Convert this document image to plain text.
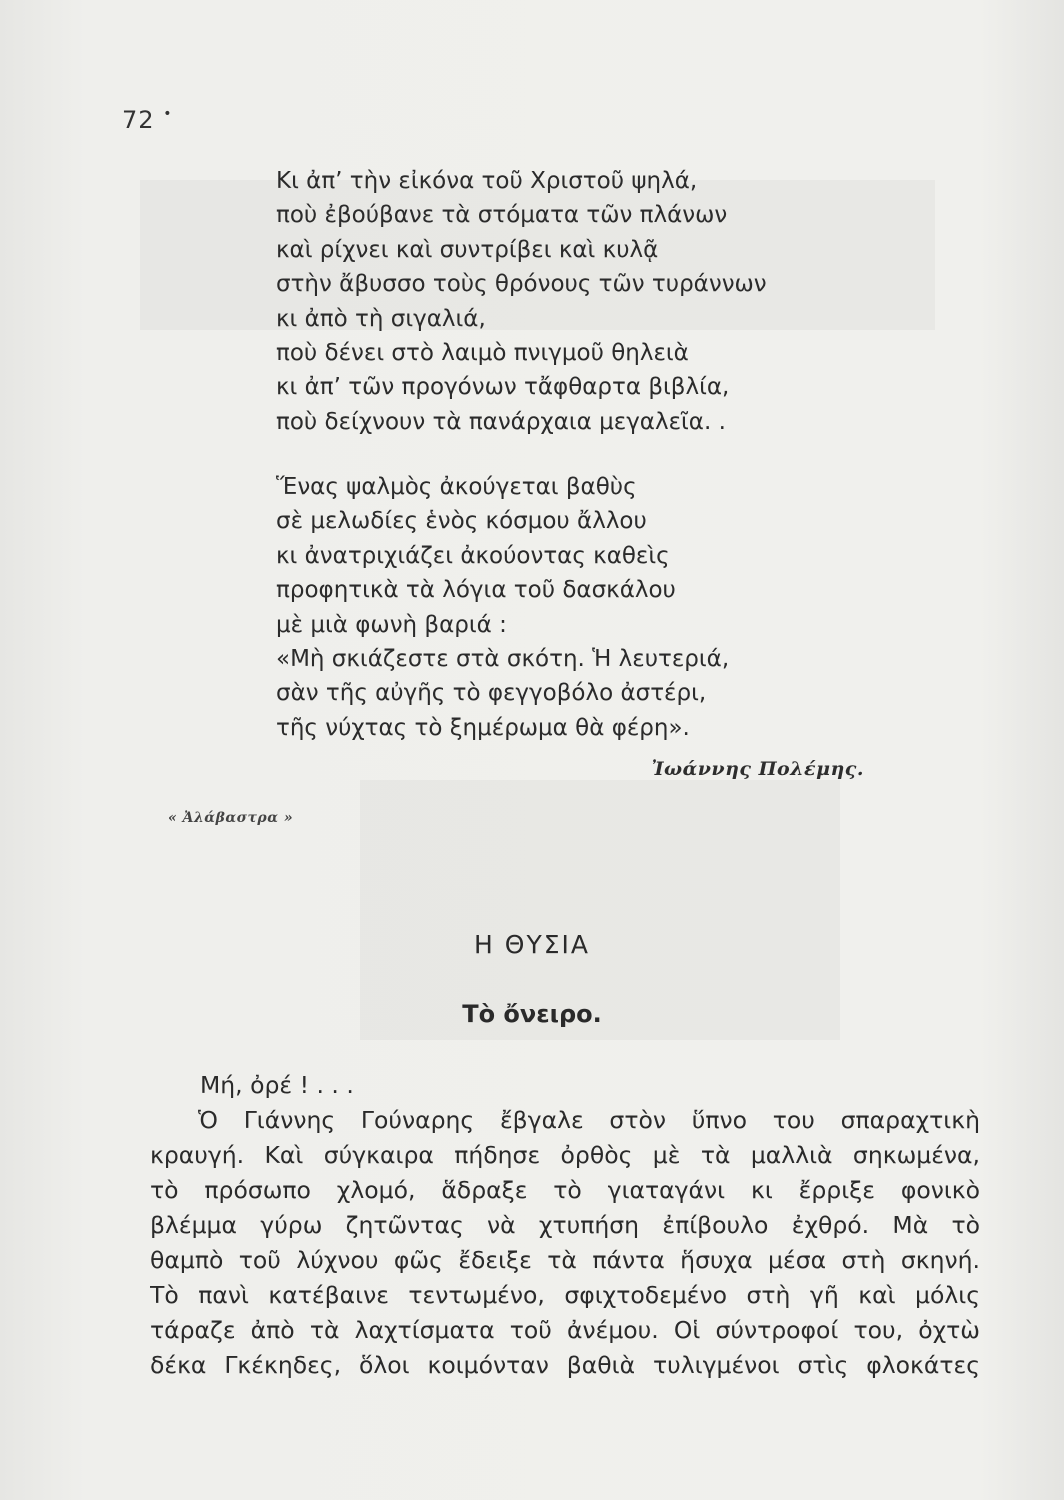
72 •
Κι ἀπ’ τὴν εἰκόνα τοῦ Χριστοῦ ψηλά,
ποὺ ἐβούβανε τὰ στόματα τῶν πλάνων
καὶ ρίχνει καὶ συντρίβει καὶ κυλᾷ
στὴν ἄβυσσο τοὺς θρόνους τῶν τυράννων
κι ἀπὸ τὴ σιγαλιά,
ποὺ δένει στὸ λαιμὸ πνιγμοῦ θηλειὰ
κι ἀπ’ τῶν προγόνων τἄφθαρτα βιβλία,
ποὺ δείχνουν τὰ πανάρχαια μεγαλεῖα. .
Ἕνας ψαλμὸς ἀκούγεται βαθὺς
σὲ μελωδίες ἑνὸς κόσμου ἄλλου
κι ἀνατριχιάζει ἀκούοντας καθεὶς
προφητικὰ τὰ λόγια τοῦ δασκάλου
μὲ μιὰ φωνὴ βαριά :
«Μὴ σκιάζεστε στὰ σκότη. Ἡ λευτεριά,
σὰν τῆς αὐγῆς τὸ φεγγοβόλο ἀστέρι,
τῆς νύχτας τὸ ξημέρωμα θὰ φέρη».
Ἰωάννης Πολέμης.
« Ἀλάβαστρα »
Η ΘΥΣΙΑ
Τὸ ὄνειρο.
Μή, ὀρέ ! . . .
Ὁ Γιάννης Γούναρης ἔβγαλε στὸν ὕπνο του σπαραχτικὴ
κραυγή. Καὶ σύγκαιρα πήδησε ὀρθὸς μὲ τὰ μαλλιὰ σηκωμένα,
τὸ πρόσωπο χλομό, ἅδραξε τὸ γιαταγάνι κι ἔρριξε φονικὸ
βλέμμα γύρω ζητῶντας νὰ χτυπήση ἐπίβουλο ἐχθρό. Μὰ τὸ
θαμπὸ τοῦ λύχνου φῶς ἔδειξε τὰ πάντα ἥσυχα μέσα στὴ σκηνή.
Τὸ πανὶ κατέβαινε τεντωμένο, σφιχτοδεμένο στὴ γῆ καὶ μόλις
τάραζε ἀπὸ τὰ λαχτίσματα τοῦ ἀνέμου. Οἱ σύντροφοί του, ὀχτὼ
δέκα Γκέκηδες, ὅλοι κοιμόνταν βαθιὰ τυλιγμένοι στὶς φλοκάτες
